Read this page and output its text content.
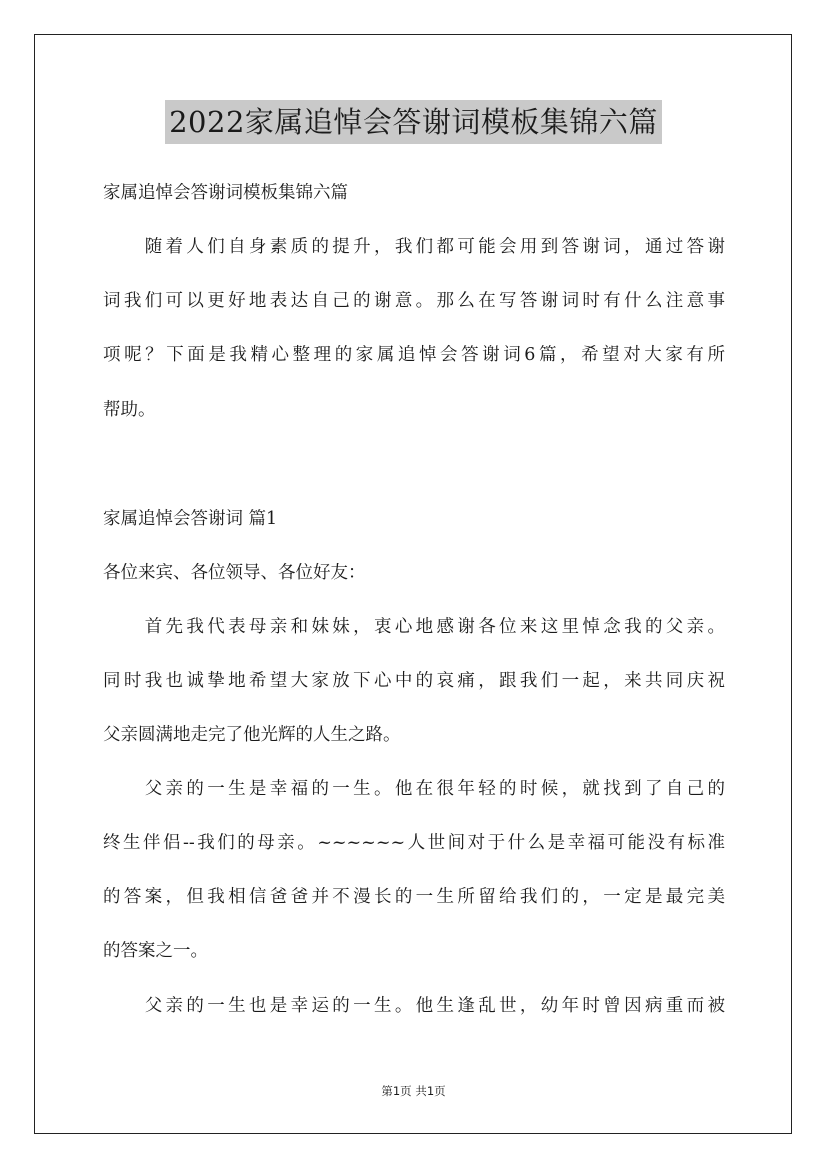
2022家属追悼会答谢词模板集锦六篇
家属追悼会答谢词模板集锦六篇
　　随着人们自身素质的提升，我们都可能会用到答谢词，通过答谢
词我们可以更好地表达自己的谢意。那么在写答谢词时有什么注意事
项呢？下面是我精心整理的家属追悼会答谢词6篇，希望对大家有所
帮助。
家属追悼会答谢词 篇1
各位来宾、各位领导、各位好友：
　　首先我代表母亲和妹妹，衷心地感谢各位来这里悼念我的父亲。
同时我也诚挚地希望大家放下心中的哀痛，跟我们一起，来共同庆祝
父亲圆满地走完了他光辉的人生之路。
　　父亲的一生是幸福的一生。他在很年轻的时候，就找到了自己的
终生伴侣--我们的母亲。~~~~~~人世间对于什么是幸福可能没有标准
的答案，但我相信爸爸并不漫长的一生所留给我们的，一定是最完美
的答案之一。
　　父亲的一生也是幸运的一生。他生逢乱世，幼年时曾因病重而被
第1页 共1页
